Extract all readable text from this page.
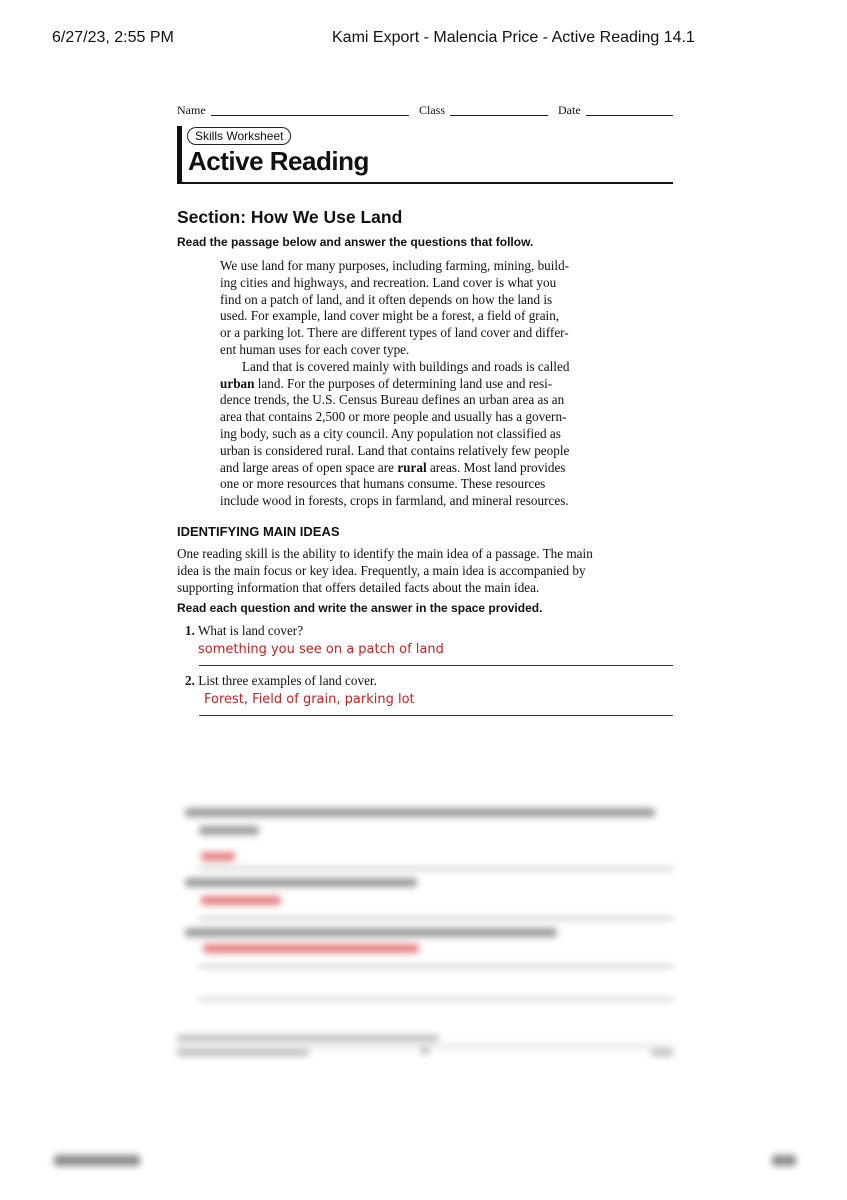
6/27/23, 2:55 PM	Kami Export - Malencia Price - Active Reading 14.1
Name	Class	Date
Skills Worksheet
Active Reading
Section: How We Use Land
Read the passage below and answer the questions that follow.

We use land for many purposes, including farming, mining, build-
ing cities and highways, and recreation. Land cover is what you
find on a patch of land, and it often depends on how the land is
used. For example, land cover might be a forest, a field of grain,
or a parking lot. There are different types of land cover and differ-
ent human uses for each cover type.

Land that is covered mainly with buildings and roads is called
urban land. For the purposes of determining land use and resi-
dence trends, the U.S. Census Bureau defines an urban area as an
area that contains 2,500 or more people and usually has a govern-
ing body, such as a city council. Any population not classified as
urban is considered rural. Land that contains relatively few people
and large areas of open space are rural areas. Most land provides
one or more resources that humans consume. These resources
include wood in forests, crops in farmland, and mineral resources.

IDENTIFYING MAIN IDEAS

One reading skill is the ability to identify the main idea of a passage. The main
idea is the main focus or key idea. Frequently, a main idea is accompanied by
supporting information that offers detailed facts about the main idea.

Read each question and write the answer in the space provided.
1. What is land cover?
something you see on a patch of land
2. List three examples of land cover.
Forest, Field of grain, parking lot
